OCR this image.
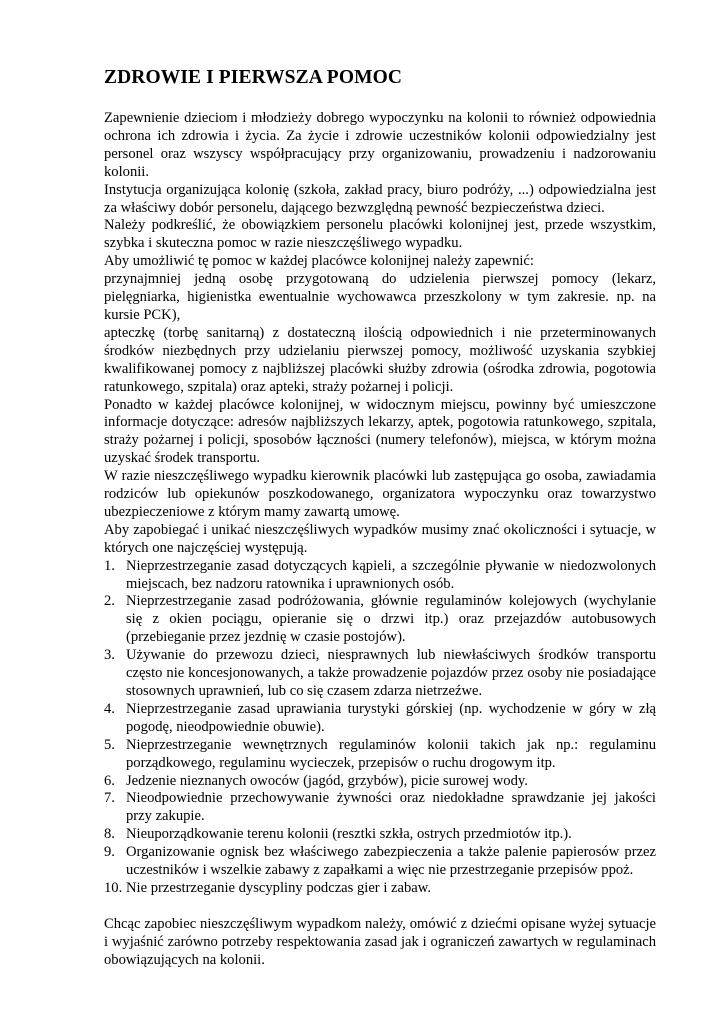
ZDROWIE I PIERWSZA POMOC

Zapewnienie dzieciom i młodzieży dobrego wypoczynku na kolonii to również odpowiednia ochrona ich zdrowia i życia. Za życie i zdrowie uczestników kolonii odpowiedzialny jest personel oraz wszyscy współpracujący przy organizowaniu, prowadzeniu i nadzorowaniu kolonii.

Instytucja organizująca kolonię (szkoła, zakład pracy, biuro podróży, ...) odpowiedzialna jest za właściwy dobór personelu, dającego bezwzględną pewność bezpieczeństwa dzieci.

Należy podkreślić, że obowiązkiem personelu placówki kolonijnej jest, przede wszystkim, szybka i skuteczna pomoc w razie nieszczęśliwego wypadku.

Aby umożliwić tę pomoc w każdej placówce kolonijnej należy zapewnić:

przynajmniej jedną osobę przygotowaną do udzielenia pierwszej pomocy (lekarz, pielęgniarka, higienistka ewentualnie wychowawca przeszkolony w tym zakresie. np. na kursie PCK),

apteczkę (torbę sanitarną) z dostateczną ilością odpowiednich i nie przeterminowanych środków niezbędnych przy udzielaniu pierwszej pomocy, możliwość uzyskania szybkiej kwalifikowanej pomocy z najbliższej placówki służby zdrowia (ośrodka zdrowia, pogotowia ratunkowego, szpitala) oraz apteki, straży pożarnej i policji.

Ponadto w każdej placówce kolonijnej, w widocznym miejscu, powinny być umieszczone informacje dotyczące: adresów najbliższych lekarzy, aptek, pogotowia ratunkowego, szpitala, straży pożarnej i policji, sposobów łączności (numery telefonów), miejsca, w którym można uzyskać środek transportu.

W razie nieszczęśliwego wypadku kierownik placówki lub zastępująca go osoba, zawiadamia rodziców lub opiekunów poszkodowanego, organizatora wypoczynku oraz towarzystwo ubezpieczeniowe z którym mamy zawartą umowę.

Aby zapobiegać i unikać nieszczęśliwych wypadków musimy znać okoliczności i sytuacje, w których one najczęściej występują.

1. Nieprzestrzeganie zasad dotyczących kąpieli, a szczególnie pływanie w niedozwolonych miejscach, bez nadzoru ratownika i uprawnionych osób.
2. Nieprzestrzeganie zasad podróżowania, głównie regulaminów kolejowych (wychylanie się z okien pociągu, opieranie się o drzwi itp.) oraz przejazdów autobusowych (przebieganie przez jezdnię w czasie postojów).
3. Używanie do przewozu dzieci, niesprawnych lub niewłaściwych środków transportu często nie koncesjonowanych, a także prowadzenie pojazdów przez osoby nie posiadające stosownych uprawnień, lub co się czasem zdarza nietrzeźwe.
4. Nieprzestrzeganie zasad uprawiania turystyki górskiej (np. wychodzenie w góry w złą pogodę, nieodpowiednie obuwie).
5. Nieprzestrzeganie wewnętrznych regulaminów kolonii takich jak np.: regulaminu porządkowego, regulaminu wycieczek, przepisów o ruchu drogowym itp.
6. Jedzenie nieznanych owoców (jagód, grzybów), picie surowej wody.
7. Nieodpowiednie przechowywanie żywności oraz niedokładne sprawdzanie jej jakości przy zakupie.
8. Nieuporządkowanie terenu kolonii (resztki szkła, ostrych przedmiotów itp.).
9. Organizowanie ognisk bez właściwego zabezpieczenia a także palenie papierosów przez uczestników i wszelkie zabawy z zapałkami a więc nie przestrzeganie przepisów ppoż.
10. Nie przestrzeganie dyscypliny podczas gier i zabaw.

Chcąc zapobiec nieszczęśliwym wypadkom należy, omówić z dziećmi opisane wyżej sytuacje i wyjaśnić zarówno potrzeby respektowania zasad jak i ograniczeń zawartych w regulaminach obowiązujących na kolonii.
